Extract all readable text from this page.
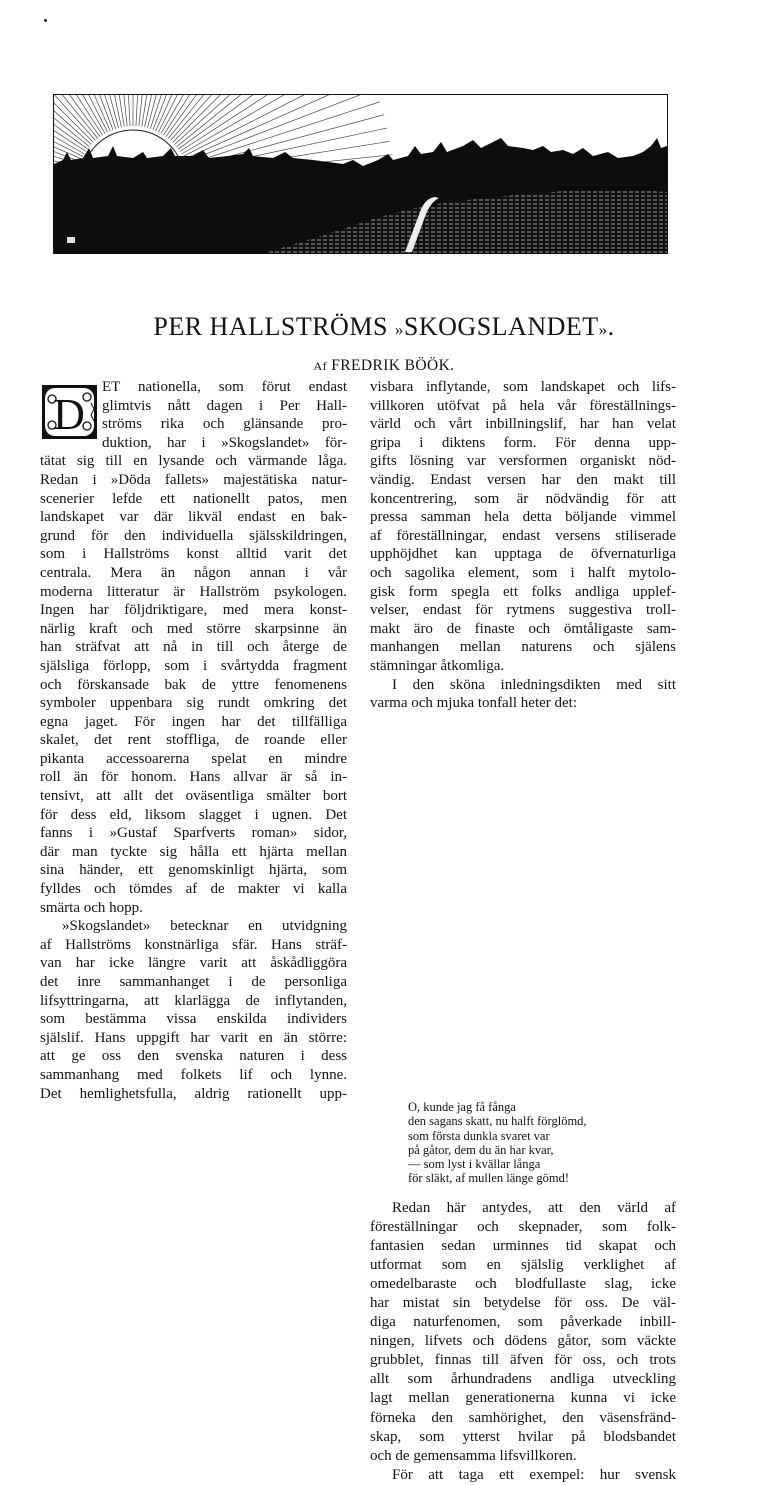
PER HALLSTRÖMS »SKOGSLANDET».
Af FREDRIK BÖÖK.
D
ET nationella, som förut endast
glimtvis nått dagen i Per Hall-
ströms rika och glänsande pro-
duktion, har i »Skogslandet» för-
tätat sig till en lysande och värmande låga.
Redan i »Döda fallets» majestätiska natur-
scenerier lefde ett nationellt patos, men
landskapet var där likväl endast en bak-
grund för den individuella själsskildringen,
som i Hallströms konst alltid varit det
centrala. Mera än någon annan i vår
moderna litteratur är Hallström psykologen.
Ingen har följdriktigare, med mera konst-
närlig kraft och med större skarpsinne än
han sträfvat att nå in till och återge de
själsliga förlopp, som i svårtydda fragment
och förskansade bak de yttre fenomenens
symboler uppenbara sig rundt omkring det
egna jaget. För ingen har det tillfälliga
skalet, det rent stoffliga, de roande eller
pikanta accessoarerna spelat en mindre
roll än för honom. Hans allvar är så in-
tensivt, att allt det oväsentliga smälter bort
för dess eld, liksom slagget i ugnen. Det
fanns i »Gustaf Sparfverts roman» sidor,
där man tyckte sig hålla ett hjärta mellan
sina händer, ett genomskinligt hjärta, som
fylldes och tömdes af de makter vi kalla
smärta och hopp.
»Skogslandet» betecknar en utvidgning
af Hallströms konstnärliga sfär. Hans sträf-
van har icke längre varit att åskådliggöra
det inre sammanhanget i de personliga
lifsyttringarna, att klarlägga de inflytanden,
som bestämma vissa enskilda individers
själslif. Hans uppgift har varit en än större:
att ge oss den svenska naturen i dess
sammanhang med folkets lif och lynne.
Det hemlighetsfulla, aldrig rationellt upp-
visbara inflytande, som landskapet och lifs-
villkoren utöfvat på hela vår föreställnings-
värld och vårt inbillningslif, har han velat
gripa i diktens form. För denna upp-
gifts lösning var versformen organiskt nöd-
vändig. Endast versen har den makt till
koncentrering, som är nödvändig för att
pressa samman hela detta böljande vimmel
af föreställningar, endast versens stiliserade
upphöjdhet kan upptaga de öfvernaturliga
och sagolika element, som i halft mytolo-
gisk form spegla ett folks andliga upplef-
velser, endast för rytmens suggestiva troll-
makt äro de finaste och ömtåligaste sam-
manhangen mellan naturens och själens
stämningar åtkomliga.
I den sköna inledningsdikten med sitt
varma och mjuka tonfall heter det:
O, kunde jag få fånga
den sagans skatt, nu halft förglömd,
som första dunkla svaret var
på gåtor, dem du än har kvar,
— som lyst i kvällar långa
för släkt, af mullen länge gömd!
Redan här antydes, att den värld af
föreställningar och skepnader, som folk-
fantasien sedan urminnes tid skapat och
utformat som en själslig verklighet af
omedelbaraste och blodfullaste slag, icke
har mistat sin betydelse för oss. De väl-
diga naturfenomen, som påverkade inbill-
ningen, lifvets och dödens gåtor, som väckte
grubblet, finnas till äfven för oss, och trots
allt som århundradens andliga utveckling
lagt mellan generationerna kunna vi icke
förneka den samhörighet, den väsensfränd-
skap, som ytterst hvilar på blodsbandet
och de gemensamma lifsvillkoren.
För att taga ett exempel: hur svensk
